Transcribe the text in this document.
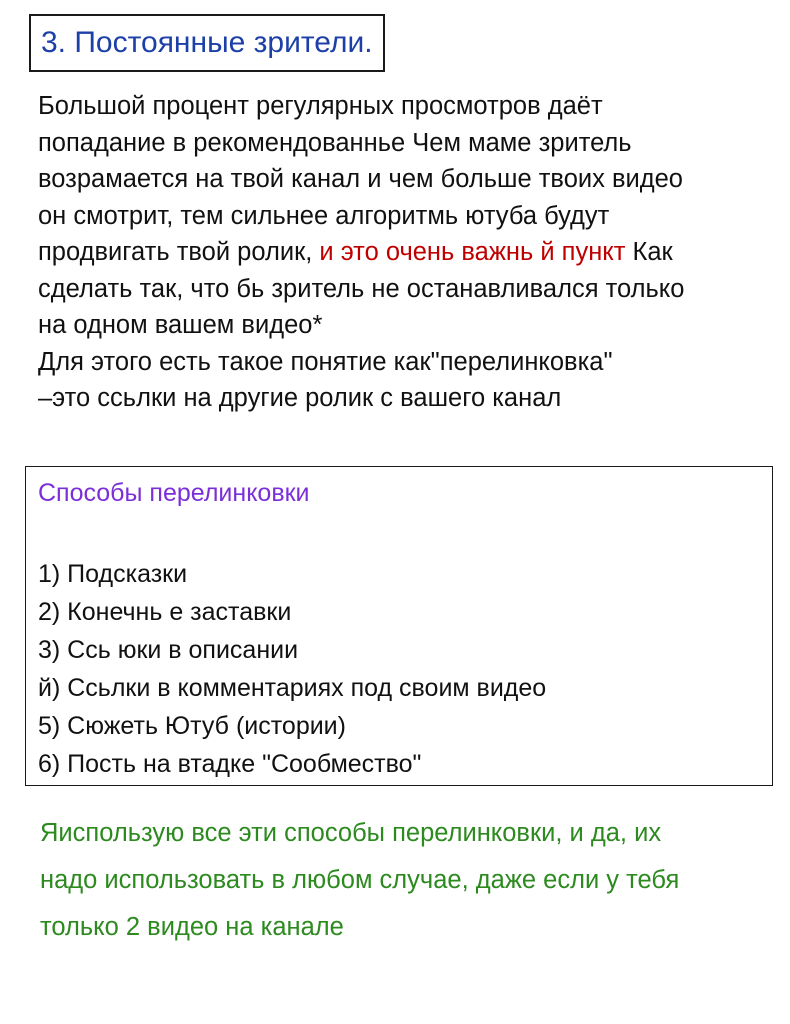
3. Постоянные зрители.
Большой процент регулярных просмотров даёт
попадание в рекомендованнье Чем маме зритель
возрамается на твой канал и чем больше твоих видео
он смотрит, тем сильнее алгоритмь ютуба будут
продвигать твой ролик, и это очень важнь й пункт Как
сделать так, что бь зритель не останавливался только
на одном вашем видео*
Для этого есть такое понятие как"перелинковка"
–это ссьлки на другие ролик с вашего канал
Способы перелинковки
1) Подсказки
2) Конечнь е заставки
3) Ссь юки в описании
й) Ссьлки в комментариях под своим видео
5) Сюжеть Ютуб (истории)
6) Пость на втадке "Сообмество"
Яиспользую все эти способы перелинковки, и да, их
надо использовать в любом случае, даже если у тебя
только 2 видео на канале
